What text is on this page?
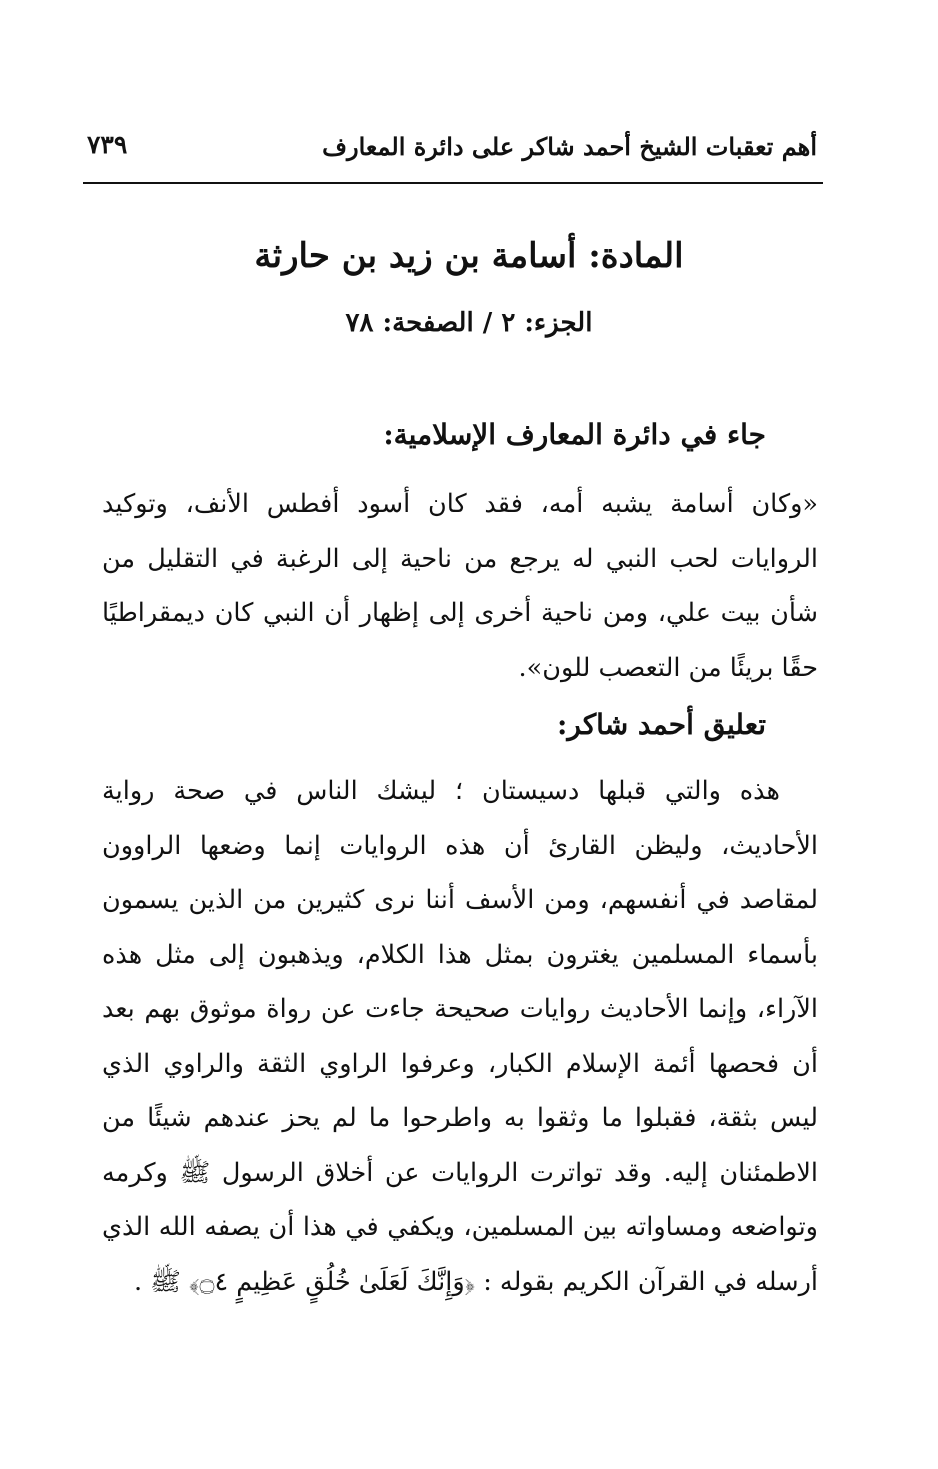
أهم تعقبات الشيخ أحمد شاكر على دائرة المعارف
٧٣٩
المادة: أسامة بن زيد بن حارثة
الجزء: ٢ / الصفحة: ٧٨
جاء في دائرة المعارف الإسلامية:
«وكان أسامة يشبه أمه، فقد كان أسود أفطس الأنف، وتوكيد الروايات لحب النبي له يرجع من ناحية إلى الرغبة في التقليل من شأن بيت علي، ومن ناحية أخرى إلى إظهار أن النبي كان ديمقراطيًا حقًا بريئًا من التعصب للون».
تعليق أحمد شاكر:
هذه والتي قبلها دسيستان ؛ ليشك الناس في صحة رواية الأحاديث، وليظن القارئ أن هذه الروايات إنما وضعها الراوون لمقاصد في أنفسهم، ومن الأسف أننا نرى كثيرين من الذين يسمون بأسماء المسلمين يغترون بمثل هذا الكلام، ويذهبون إلى مثل هذه الآراء، وإنما الأحاديث روايات صحيحة جاءت عن رواة موثوق بهم بعد أن فحصها أئمة الإسلام الكبار، وعرفوا الراوي الثقة والراوي الذي ليس بثقة، فقبلوا ما وثقوا به واطرحوا ما لم يحز عندهم شيئًا من الاطمئنان إليه. وقد تواترت الروايات عن أخلاق الرسول ﷺ وكرمه وتواضعه ومساواته بين المسلمين، ويكفي في هذا أن يصفه الله الذي أرسله في القرآن الكريم بقوله : ﴿وَإِنَّكَ لَعَلَىٰ خُلُقٍ عَظِيمٍ ۝٤﴾ ﷺ .
